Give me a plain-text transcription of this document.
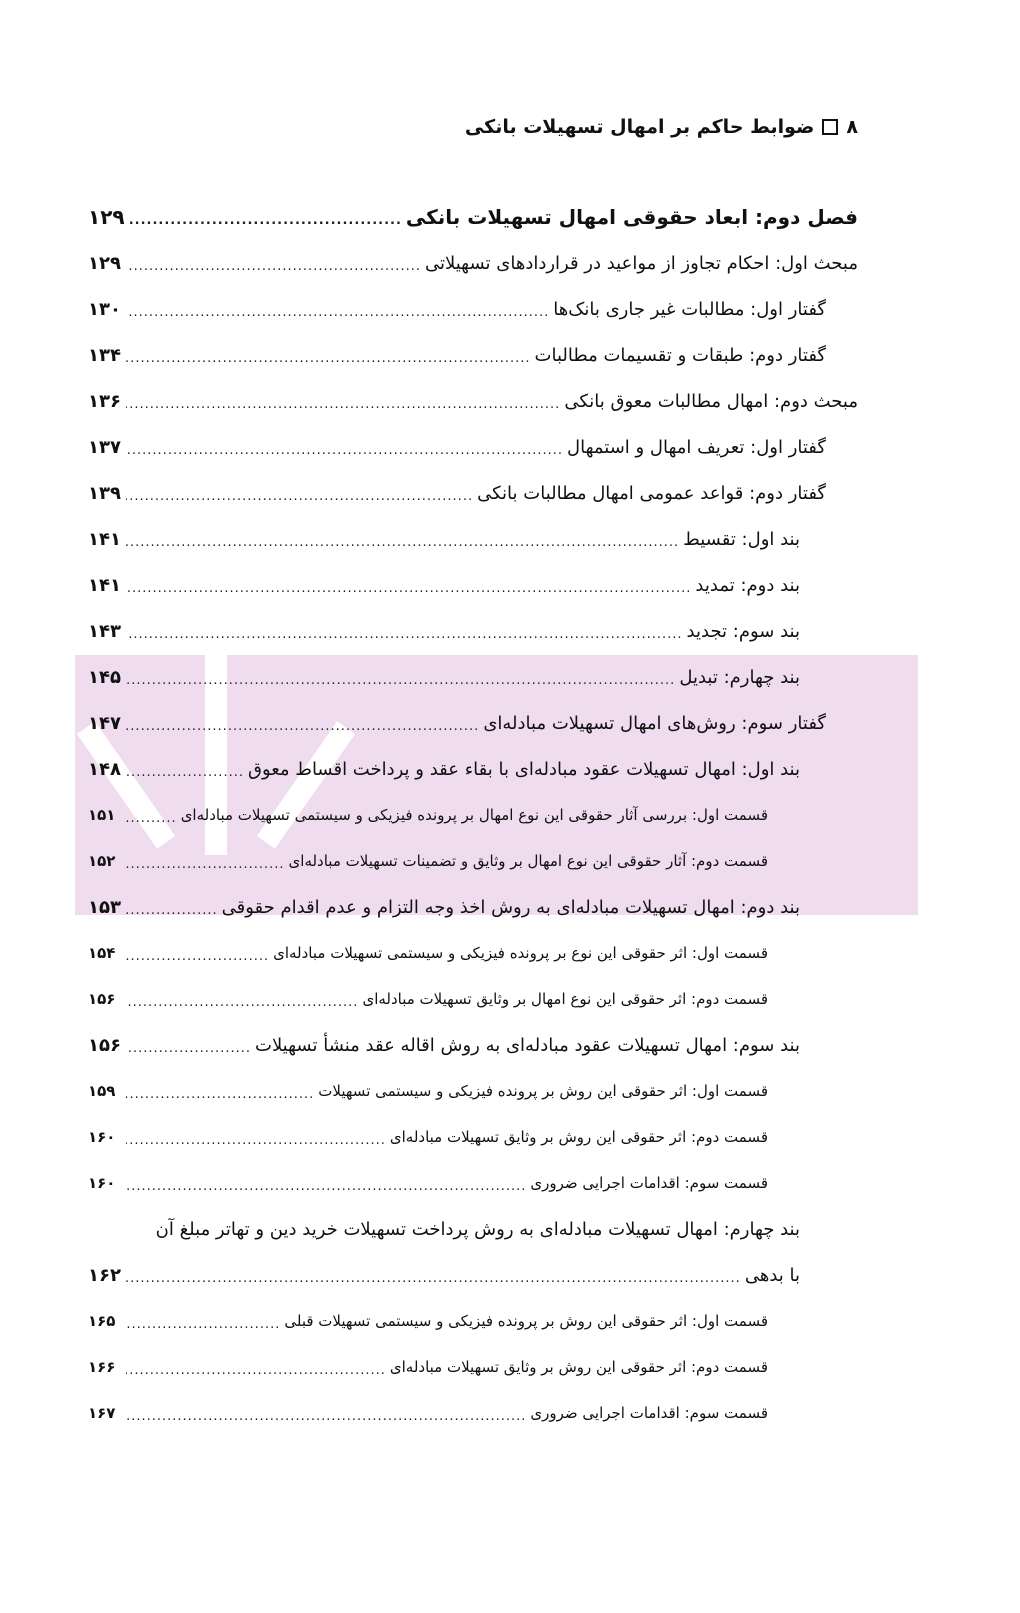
۸
ضوابط حاکم بر امهال تسهیلات بانکی
فصل دوم: ابعاد حقوقی امهال تسهیلات بانکی
.....
۱۲۹
مبحث اول: احکام تجاوز از مواعید در قراردادهای تسهیلاتی
.....
۱۲۹
گفتار اول: مطالبات غیر جاری بانک‌ها
.....
۱۳۰
گفتار دوم: طبقات و تقسیمات مطالبات
.....
۱۳۴
مبحث دوم: امهال مطالبات معوق بانکی
.....
۱۳۶
گفتار اول: تعریف امهال و استمهال
.....
۱۳۷
گفتار دوم: قواعد عمومی امهال مطالبات بانکی
.....
۱۳۹
بند اول: تقسیط
.....
۱۴۱
بند دوم: تمدید
.....
۱۴۱
بند سوم: تجدید
.....
۱۴۳
بند چهارم: تبدیل
.....
۱۴۵
گفتار سوم: روش‌های امهال تسهیلات مبادله‌ای
.....
۱۴۷
بند اول: امهال تسهیلات عقود مبادله‌ای با بقاء عقد و پرداخت اقساط معوق
.....
۱۴۸
قسمت اول: بررسی آثار حقوقی این نوع امهال بر پرونده فیزیکی و سیستمی تسهیلات مبادله‌ای
.....
۱۵۱
قسمت دوم: آثار حقوقی این نوع امهال بر وثایق و تضمینات تسهیلات مبادله‌ای
.....
۱۵۲
بند دوم: امهال تسهیلات مبادله‌ای به روش اخذ وجه التزام و عدم اقدام حقوقی
.....
۱۵۳
قسمت اول: اثر حقوقی این نوع بر پرونده فیزیکی و سیستمی تسهیلات مبادله‌ای
.....
۱۵۴
قسمت دوم: اثر حقوقی این نوع امهال بر وثایق تسهیلات مبادله‌ای
.....
۱۵۶
بند سوم: امهال تسهیلات عقود مبادله‌ای به روش اقاله عقد منشأ تسهیلات
.....
۱۵۶
قسمت اول: اثر حقوقی این روش بر پرونده فیزیکی و سیستمی تسهیلات
.....
۱۵۹
قسمت دوم: اثر حقوقی این روش بر وثایق تسهیلات مبادله‌ای
.....
۱۶۰
قسمت سوم: اقدامات اجرایی ضروری
.....
۱۶۰
بند چهارم: امهال تسهیلات مبادله‌ای به روش پرداخت تسهیلات خرید دین و تهاتر مبلغ آن
با بدهی
.....
۱۶۲
قسمت اول: اثر حقوقی این روش بر پرونده فیزیکی و سیستمی تسهیلات قبلی
.....
۱۶۵
قسمت دوم: اثر حقوقی این روش بر وثایق تسهیلات مبادله‌ای
.....
۱۶۶
قسمت سوم: اقدامات اجرایی ضروری
.....
۱۶۷
